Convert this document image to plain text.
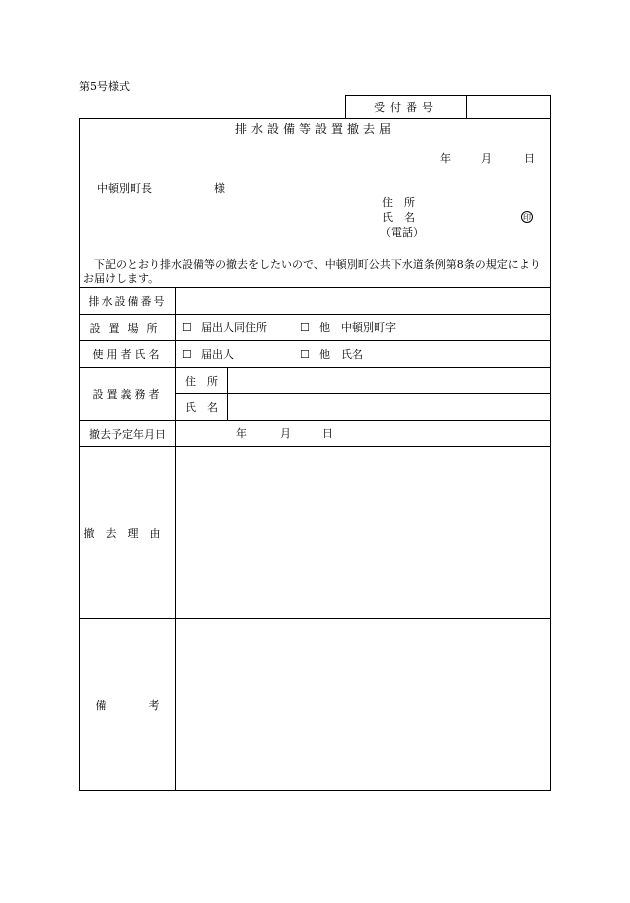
第5号様式
受付番号
排水設備等設置撤去届
年	月	日
中頓別町長	様
住　所
氏　名	印
（電話）
下記のとおり排水設備等の撤去をしたいので、中頓別町公共下水道条例第8条の規定によりお届けします。
排水設備番号
設置場所	☐ 届出人同住所	☐ 他　中頓別町字
使用者氏名	☐ 届出人	☐ 他　氏名
設置義務者
住　所
氏　名
撤去予定年月日	年	月	日
撤去理由
備考
